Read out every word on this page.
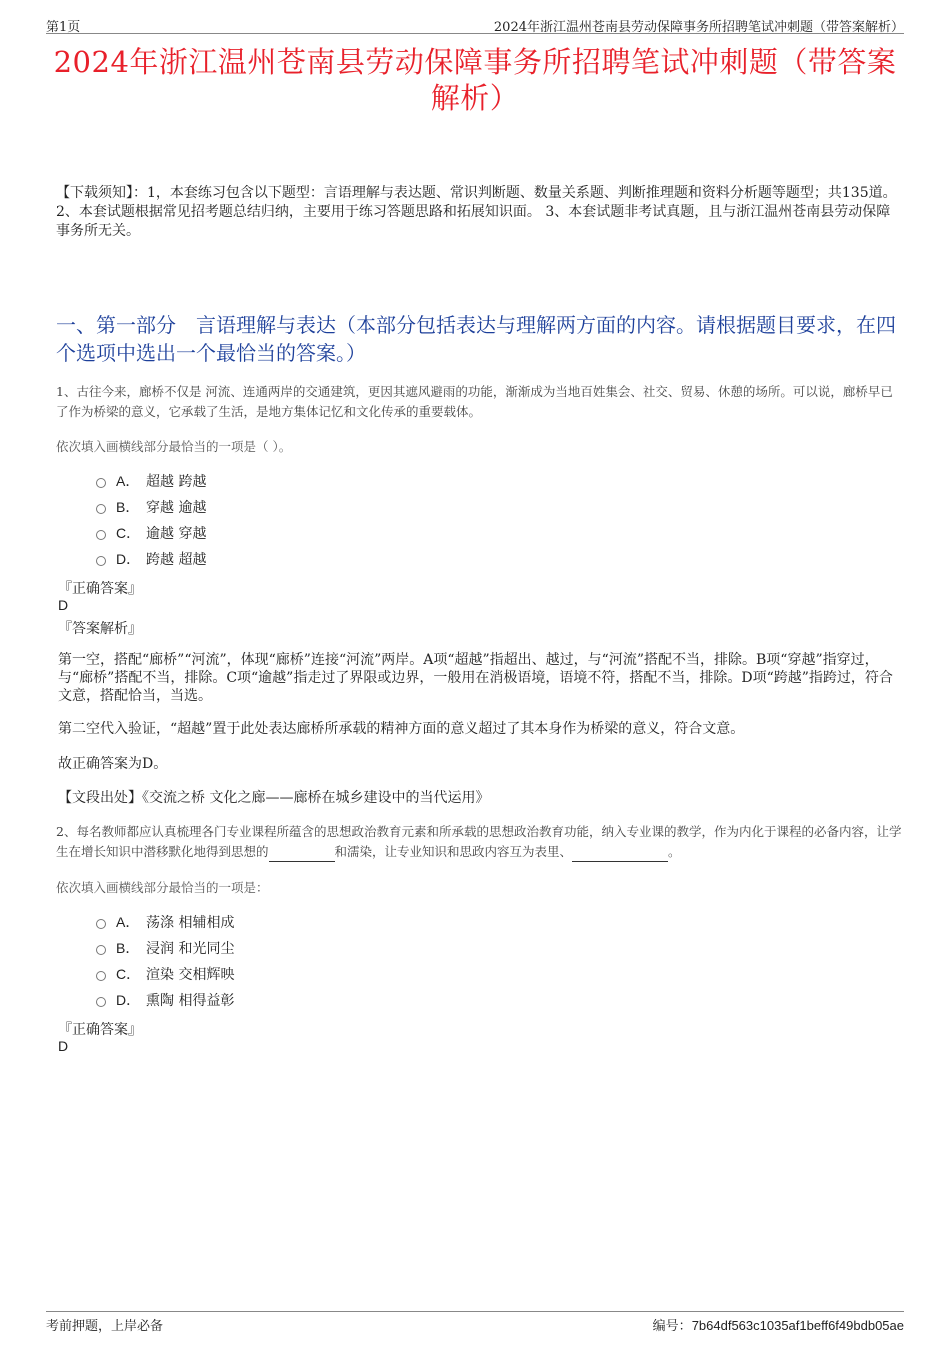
第1页	2024年浙江温州苍南县劳动保障事务所招聘笔试冲刺题（带答案解析）
2024年浙江温州苍南县劳动保障事务所招聘笔试冲刺题（带答案解析）
【下载须知】：1，本套练习包含以下题型：言语理解与表达题、常识判断题、数量关系题、判断推理题和资料分析题等题型；共135道。 2、本套试题根据常见招考题总结归纳，主要用于练习答题思路和拓展知识面。 3、本套试题非考试真题，且与浙江温州苍南县劳动保障事务所无关。
一、第一部分　言语理解与表达（本部分包括表达与理解两方面的内容。请根据题目要求，在四个选项中选出一个最恰当的答案。）
1、古往今来，廊桥不仅是 河流、连通两岸的交通建筑，更因其遮风避雨的功能，渐渐成为当地百姓集会、社交、贸易、休憩的场所。可以说，廊桥早已 了作为桥梁的意义，它承载了生活，是地方集体记忆和文化传承的重要载体。
依次填入画横线部分最恰当的一项是（ ）。
A． 超越 跨越
B． 穿越 逾越
C． 逾越 穿越
D． 跨越 超越
『正确答案』
D
『答案解析』
第一空，搭配“廊桥”“河流”，体现“廊桥”连接“河流”两岸。A项“超越”指超出、越过，与“河流”搭配不当，排除。B项“穿越”指穿过，与“廊桥”搭配不当，排除。C项“逾越”指走过了界限或边界，一般用在消极语境，语境不符，搭配不当，排除。D项“跨越”指跨过，符合文意，搭配恰当，当选。
第二空代入验证，“超越”置于此处表达廊桥所承载的精神方面的意义超过了其本身作为桥梁的意义，符合文意。
故正确答案为D。
【文段出处】《交流之桥 文化之廊——廊桥在城乡建设中的当代运用》
2、每名教师都应认真梳理各门专业课程所蕴含的思想政治教育元素和所承载的思想政治教育功能，纳入专业课的教学，作为内化于课程的必备内容，让学生在增长知识中潜移默化地得到思想的	和濡染，让专业知识和思政内容互为表里、	。
依次填入画横线部分最恰当的一项是：
A． 荡涤 相辅相成
B． 浸润 和光同尘
C． 渲染 交相辉映
D． 熏陶 相得益彰
『正确答案』
D
考前押题，上岸必备	编号：7b64df563c1035af1beff6f49bdb05ae
